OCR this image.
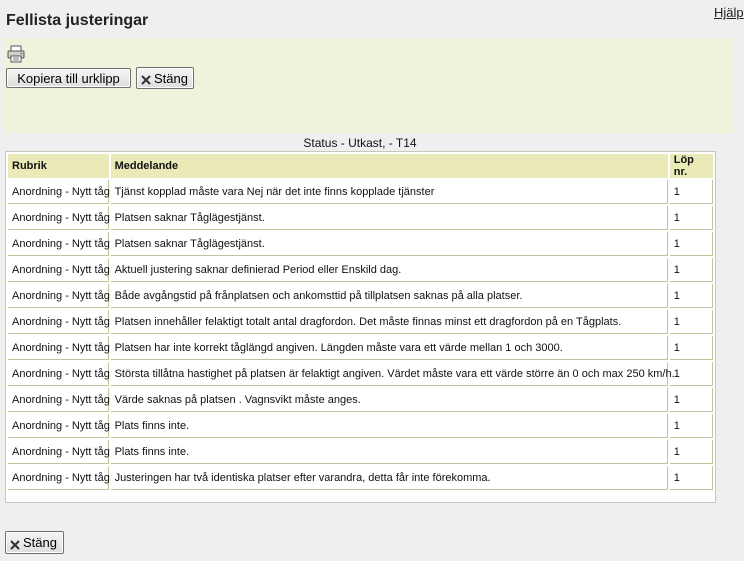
Fellista justeringar	Hjälp
Kopiera till urklipp	Stäng
Status - Utkast, - T14
Rubrik	Meddelande	Löp nr.
Anordning - Nytt tåg	Tjänst kopplad måste vara Nej när det inte finns kopplade tjänster	1
Anordning - Nytt tåg	Platsen saknar Tåglägestjänst.	1
Anordning - Nytt tåg	Platsen saknar Tåglägestjänst.	1
Anordning - Nytt tåg	Aktuell justering saknar definierad Period eller Enskild dag.	1
Anordning - Nytt tåg	Både avgångstid på frånplatsen och ankomsttid på tillplatsen saknas på alla platser.	1
Anordning - Nytt tåg	Platsen innehåller felaktigt totalt antal dragfordon. Det måste finnas minst ett dragfordon på en Tågplats.	1
Anordning - Nytt tåg	Platsen har inte korrekt tåglängd angiven. Längden måste vara ett värde mellan 1 och 3000.	1
Anordning - Nytt tåg	Största tillåtna hastighet på platsen är felaktigt angiven. Värdet måste vara ett värde större än 0 och max 250 km/h.	1
Anordning - Nytt tåg	Värde saknas på platsen . Vagnsvikt måste anges.	1
Anordning - Nytt tåg	Plats finns inte.	1
Anordning - Nytt tåg	Plats finns inte.	1
Anordning - Nytt tåg	Justeringen har två identiska platser efter varandra, detta får inte förekomma.	1
Stäng
